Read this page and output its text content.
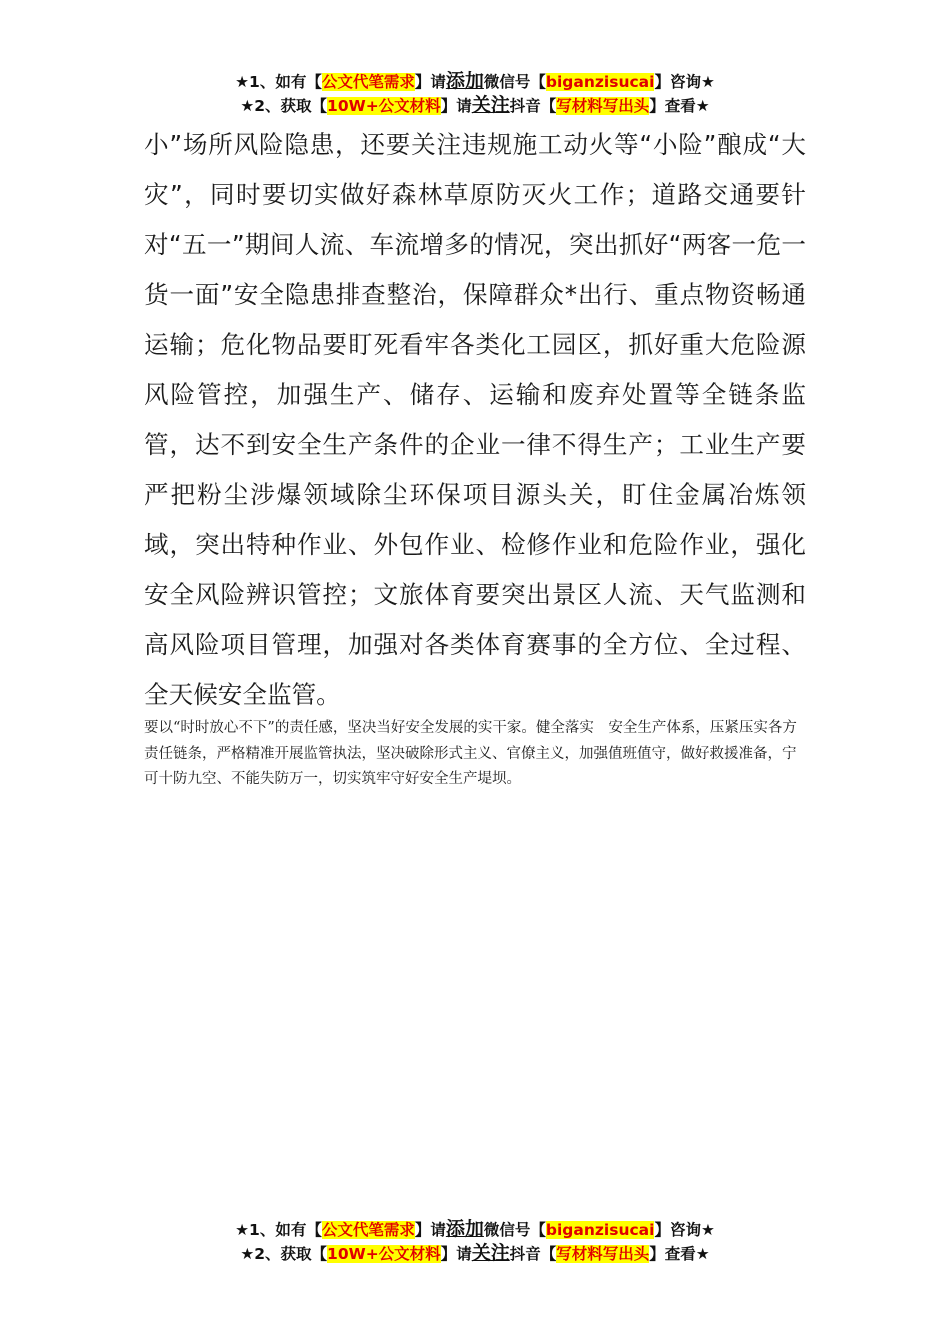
★1、如有【公文代笔需求】请添加微信号【biganzisucai】咨询★
★2、获取【10W+公文材料】请关注抖音【写材料写出头】查看★

小”场所风险隐患，还要关注违规施工动火等“小险”酿成“大灾”，同时要切实做好森林草原防灭火工作；道路交通要针对“五一”期间人流、车流增多的情况，突出抓好“两客一危一货一面”安全隐患排查整治，保障群众*出行、重点物资畅通运输；危化物品要盯死看牢各类化工园区，抓好重大危险源风险管控，加强生产、储存、运输和废弃处置等全链条监管，达不到安全生产条件的企业一律不得生产；工业生产要严把粉尘涉爆领域除尘环保项目源头关，盯住金属冶炼领域，突出特种作业、外包作业、检修作业和危险作业，强化安全风险辨识管控；文旅体育要突出景区人流、天气监测和高风险项目管理，加强对各类体育赛事的全方位、全过程、全天候安全监管。

要以“时时放心不下”的责任感，坚决当好安全发展的实干家。健全落实　安全生产体系，压紧压实各方责任链条，严格精准开展监管执法，坚决破除形式主义、官僚主义，加强值班值守，做好救援准备，宁可十防九空、不能失防万一，切实筑牢守好安全生产堤坝。

★1、如有【公文代笔需求】请添加微信号【biganzisucai】咨询★
★2、获取【10W+公文材料】请关注抖音【写材料写出头】查看★
